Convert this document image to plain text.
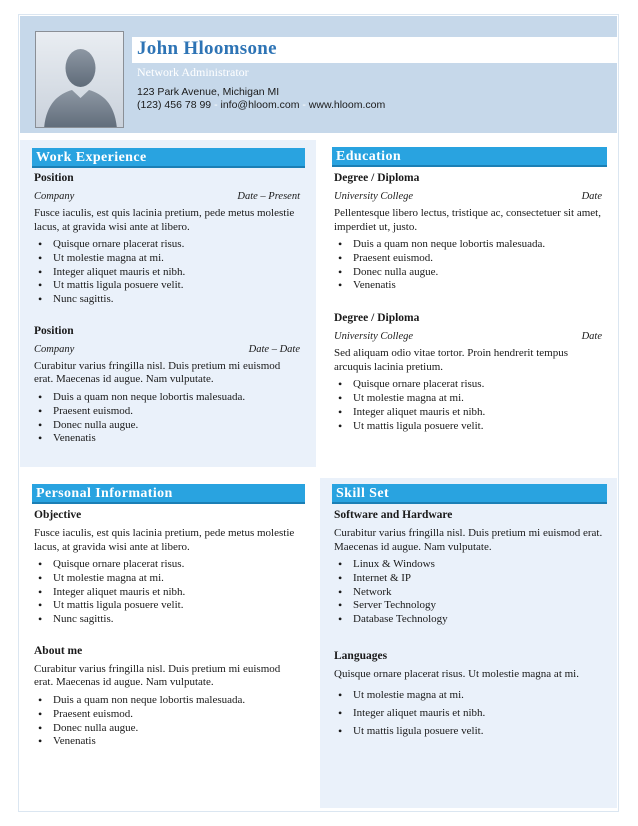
John Hloomsone
Network Administrator
123 Park Avenue, Michigan MI
(123) 456 78 99 - info@hloom.com - www.hloom.com
Work Experience

Position

Company	Date – Present

Fusce iaculis, est quis lacinia pretium, pede metus molestie lacus, at gravida wisi ante at libero.

• Quisque ornare placerat risus.
• Ut molestie magna at mi.
• Integer aliquet mauris et nibh.
• Ut mattis ligula posuere velit.
• Nunc sagittis.

Position

Company	Date – Date

Curabitur varius fringilla nisl. Duis pretium mi euismod erat. Maecenas id augue. Nam vulputate.

• Duis a quam non neque lobortis malesuada.
• Praesent euismod.
• Donec nulla augue.
• Venenatis
Education

Degree / Diploma

University College	Date

Pellentesque libero lectus, tristique ac, consectetuer sit amet, imperdiet ut, justo.

• Duis a quam non neque lobortis malesuada.
• Praesent euismod.
• Donec nulla augue.
• Venenatis

Degree / Diploma

University College	Date

Sed aliquam odio vitae tortor. Proin hendrerit tempus arcuquis lacinia pretium.

• Quisque ornare placerat risus.
• Ut molestie magna at mi.
• Integer aliquet mauris et nibh.
• Ut mattis ligula posuere velit.
Personal Information

Objective

Fusce iaculis, est quis lacinia pretium, pede metus molestie lacus, at gravida wisi ante at libero.

• Quisque ornare placerat risus.
• Ut molestie magna at mi.
• Integer aliquet mauris et nibh.
• Ut mattis ligula posuere velit.
• Nunc sagittis.

About me

Curabitur varius fringilla nisl. Duis pretium mi euismod erat. Maecenas id augue. Nam vulputate.

• Duis a quam non neque lobortis malesuada.
• Praesent euismod.
• Donec nulla augue.
• Venenatis
Skill Set

Software and Hardware

Curabitur varius fringilla nisl. Duis pretium mi euismod erat. Maecenas id augue. Nam vulputate.

• Linux & Windows
• Internet & IP
• Network
• Server Technology
• Database Technology

Languages

Quisque ornare placerat risus. Ut molestie magna at mi.

• Ut molestie magna at mi.
• Integer aliquet mauris et nibh.
• Ut mattis ligula posuere velit.
